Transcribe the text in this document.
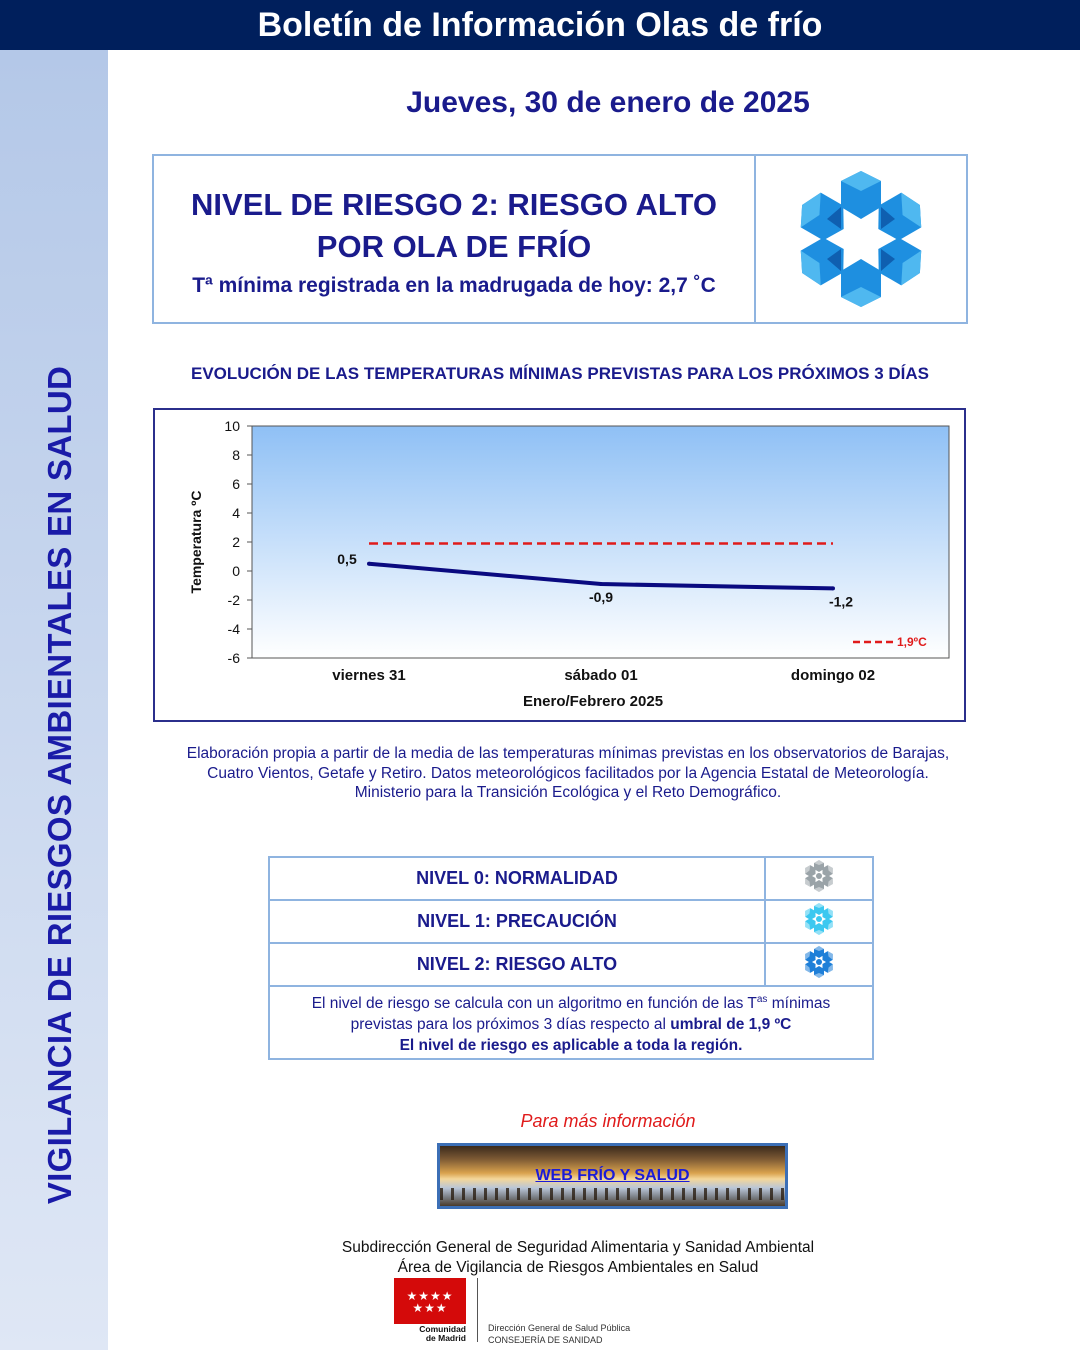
Boletín de Información Olas de frío
VIGILANCIA DE RIESGOS AMBIENTALES EN SALUD
Jueves, 30 de enero de 2025
NIVEL DE RIESGO 2: RIESGO ALTO
POR OLA DE FRÍO
Tª mínima registrada en la madrugada de hoy: 2,7 ˚C
EVOLUCIÓN DE LAS TEMPERATURAS MÍNIMAS PREVISTAS PARA LOS PRÓXIMOS 3 DÍAS
10
8
6
4
2
0
-2
-4
-6
Temperatura ºC	0,5
-0,9	-1,2
viernes 31	sábado 01	domingo 02
Enero/Febrero 2025
1,9ºC
Elaboración propia a partir de la media de las temperaturas mínimas previstas en los observatorios de Barajas,
Cuatro Vientos, Getafe y Retiro. Datos meteorológicos facilitados por la Agencia Estatal de Meteorología.
Ministerio para la Transición Ecológica y el Reto Demográfico.
NIVEL 0: NORMALIDAD	
NIVEL 1: PRECAUCIÓN	
NIVEL 2: RIESGO ALTO	

El nivel de riesgo se calcula con un algoritmo en función de las $T^{as}$ mínimas
previstas para los próximos 3 días respecto al umbral de 1,9 ºC
El nivel de riesgo es aplicable a toda la región.	
Para más información
WEB FRÍO Y SALUD
Subdirección General de Seguridad Alimentaria y Sanidad Ambiental
Área de Vigilancia de Riesgos Ambientales en Salud
★★★★
★★★
Comunidad
de Madrid
Dirección General de Salud Pública
CONSEJERÍA DE SANIDAD
